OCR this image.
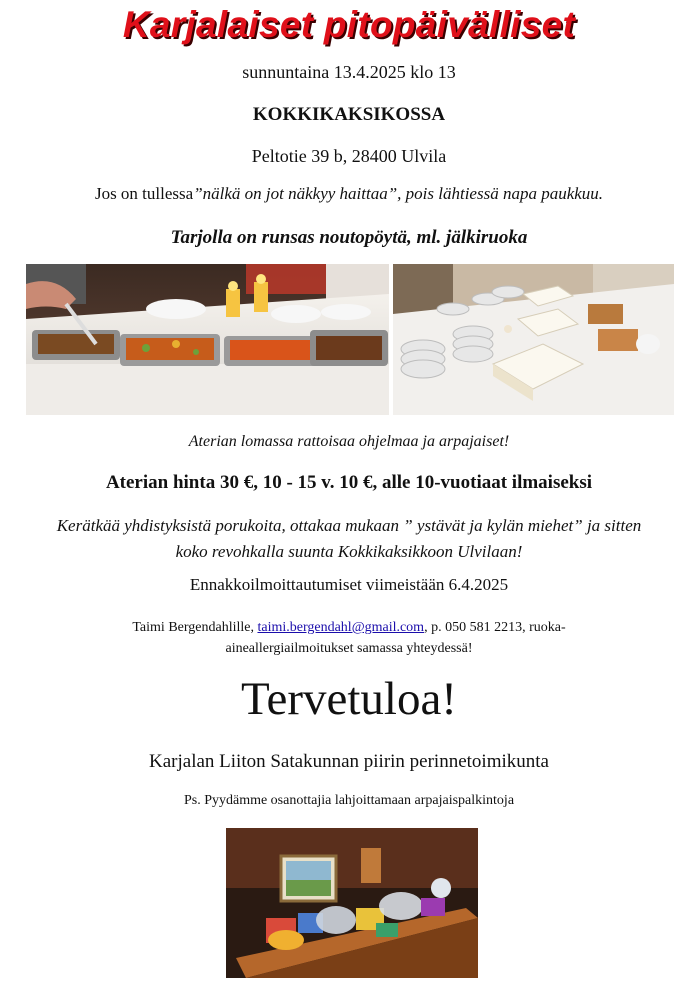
Karjalaiset pitopäivälliset
sunnuntaina 13.4.2025 klo 13
KOKKIKAKSIKOSSA
Peltotie 39 b, 28400 Ulvila
Jos on tullessa”nälkä on jot näkkyy haittaa”, pois lähtiessä napa paukkuu.
Tarjolla on runsas noutopöytä, ml. jälkiruoka
Aterian lomassa rattoisaa ohjelmaa ja arpajaiset!
Aterian hinta 30 €, 10 - 15 v. 10 €, alle 10-vuotiaat ilmaiseksi
Kerätkää yhdistyksistä porukoita, ottakaa mukaan ” ystävät ja kylän miehet” ja sitten
koko revohkalla suunta Kokkikaksikkoon Ulvilaan!
Ennakkoilmoittautumiset viimeistään 6.4.2025
Taimi Bergendahlille, taimi.bergendahl@gmail.com, p. 050 581 2213, ruoka-
aineallergiailmoitukset samassa yhteydessä!
Tervetuloa!
Karjalan Liiton Satakunnan piirin perinnetoimikunta
Ps. Pyydämme osanottajia lahjoittamaan arpajaispalkintoja
